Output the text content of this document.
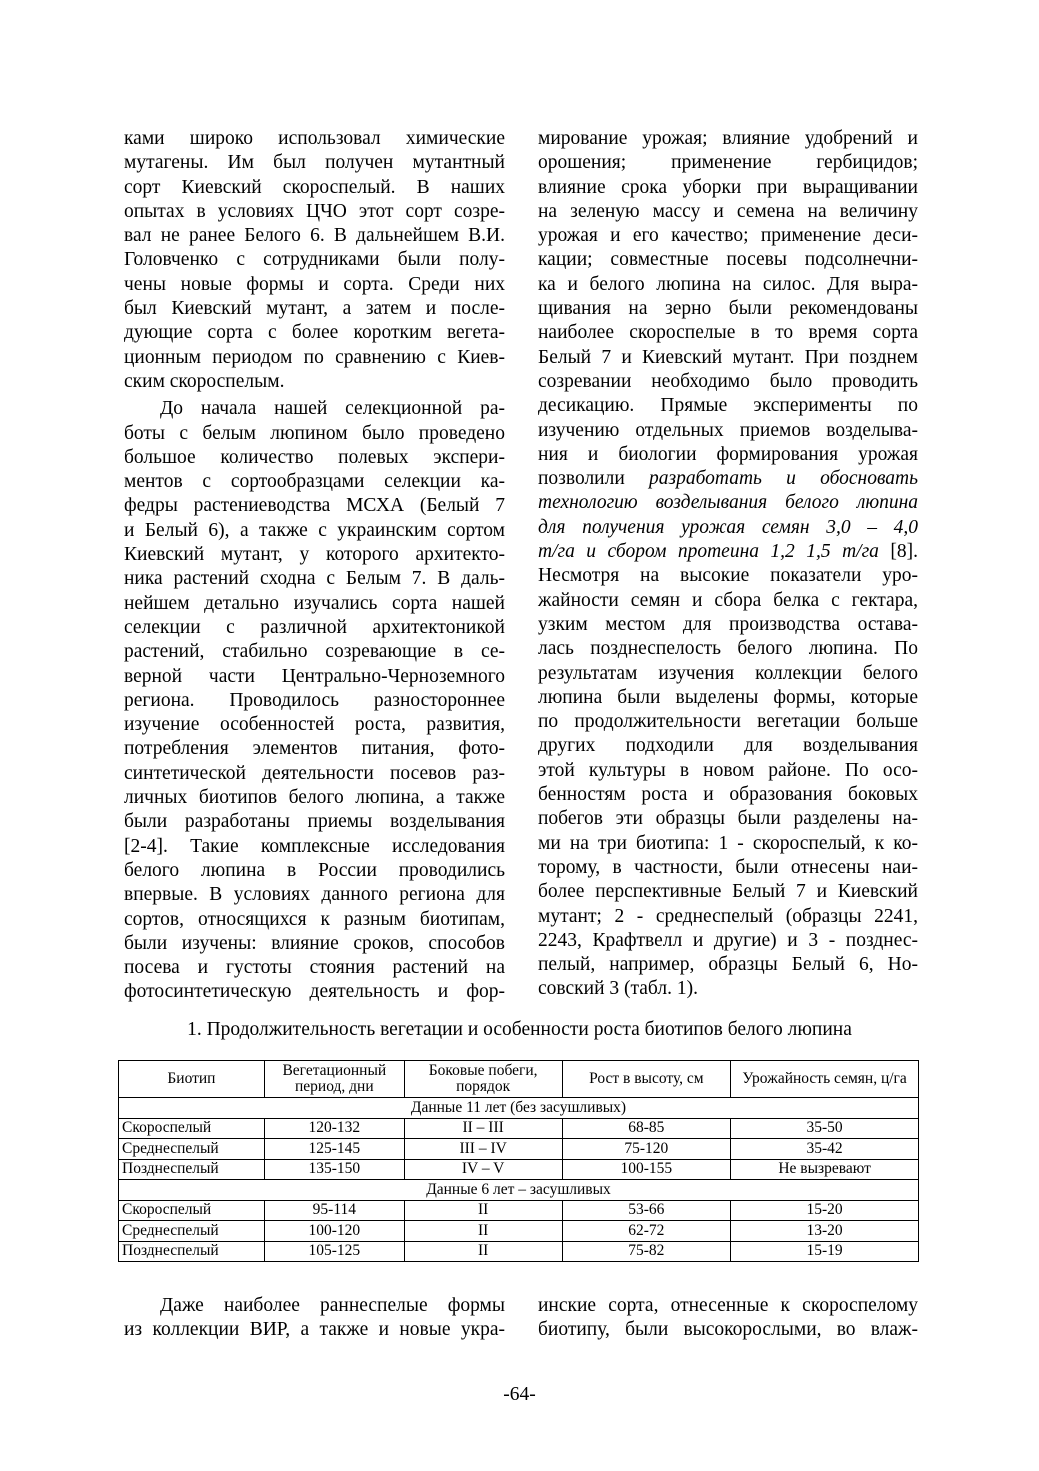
ками широко использовал химические
мутагены. Им был получен мутантный
сорт Киевский скороспелый. В наших
опытах в условиях ЦЧО этот сорт созре-
вал не ранее Белого 6. В дальнейшем В.И.
Головченко с сотрудниками были полу-
чены новые формы и сорта. Среди них
был Киевский мутант, а затем и после-
дующие сорта с более коротким вегета-
ционным периодом по сравнению с Киев-
ским скороспелым.
До начала нашей селекционной ра-
боты с белым люпином было проведено
большое количество полевых экспери-
ментов с сортообразцами селекции ка-
федры растениеводства МСХА (Белый 7
и Белый 6), а также с украинским сортом
Киевский мутант, у которого архитекто-
ника растений сходна с Белым 7. В даль-
нейшем детально изучались сорта нашей
селекции с различной архитектоникой
растений, стабильно созревающие в се-
верной части Центрально-Черноземного
региона. Проводилось разностороннее
изучение особенностей роста, развития,
потребления элементов питания, фото-
синтетической деятельности посевов раз-
личных биотипов белого люпина, а также
были разработаны приемы возделывания
[2-4]. Такие комплексные исследования
белого люпина в России проводились
впервые. В условиях данного региона для
сортов, относящихся к разным биотипам,
были изучены: влияние сроков, способов
посева и густоты стояния растений на
фотосинтетическую деятельность и фор-
мирование урожая; влияние удобрений и
орошения; применение гербицидов;
влияние срока уборки при выращивании
на зеленую массу и семена на величину
урожая и его качество; применение деси-
кации; совместные посевы подсолнечни-
ка и белого люпина на силос. Для выра-
щивания на зерно были рекомендованы
наиболее скороспелые в то время сорта
Белый 7 и Киевский мутант. При позднем
созревании необходимо было проводить
десикацию. Прямые эксперименты по
изучению отдельных приемов возделыва-
ния и биологии формирования урожая
позволили разработать и обосновать
технологию возделывания белого люпина
для получения урожая семян 3,0 – 4,0
т/га и сбором протеина 1,2 1,5 т/га [8].
Несмотря на высокие показатели уро-
жайности семян и сбора белка с гектара,
узким местом для производства остава-
лась позднеспелость белого люпина. По
результатам изучения коллекции белого
люпина были выделены формы, которые
по продолжительности вегетации больше
других подходили для возделывания
этой культуры в новом районе. По осо-
бенностям роста и образования боковых
побегов эти образцы были разделены на-
ми на три биотипа: 1 - скороспелый, к ко-
торому, в частности, были отнесены наи-
более перспективные Белый 7 и Киевский
мутант; 2 - среднеспелый (образцы 2241,
2243, Крафтвелл и другие) и 3 - позднес-
пелый, например, образцы Белый 6, Но-
совский 3 (табл. 1).
1. Продолжительность вегетации и особенности роста биотипов белого люпина
Биотип	Вегетационный период, дни	Боковые побеги, порядок	Рост в высоту, см	Урожайность семян, ц/га
Данные 11 лет (без засушливых)				
Скороспелый	120-132	II – III	68-85	35-50
Среднеспелый	125-145	III – IV	75-120	35-42
Позднеспелый	135-150	IV – V	100-155	Не вызревают
Данные 6 лет – засушливых				
Скороспелый	95-114	II	53-66	15-20
Среднеспелый	100-120	II	62-72	13-20
Позднеспелый	105-125	II	75-82	15-19
Даже наиболее раннеспелые формы
из коллекции ВИР, а также и новые укра-
инские сорта, отнесенные к скороспелому
биотипу, были высокорослыми, во влаж-
-64-
